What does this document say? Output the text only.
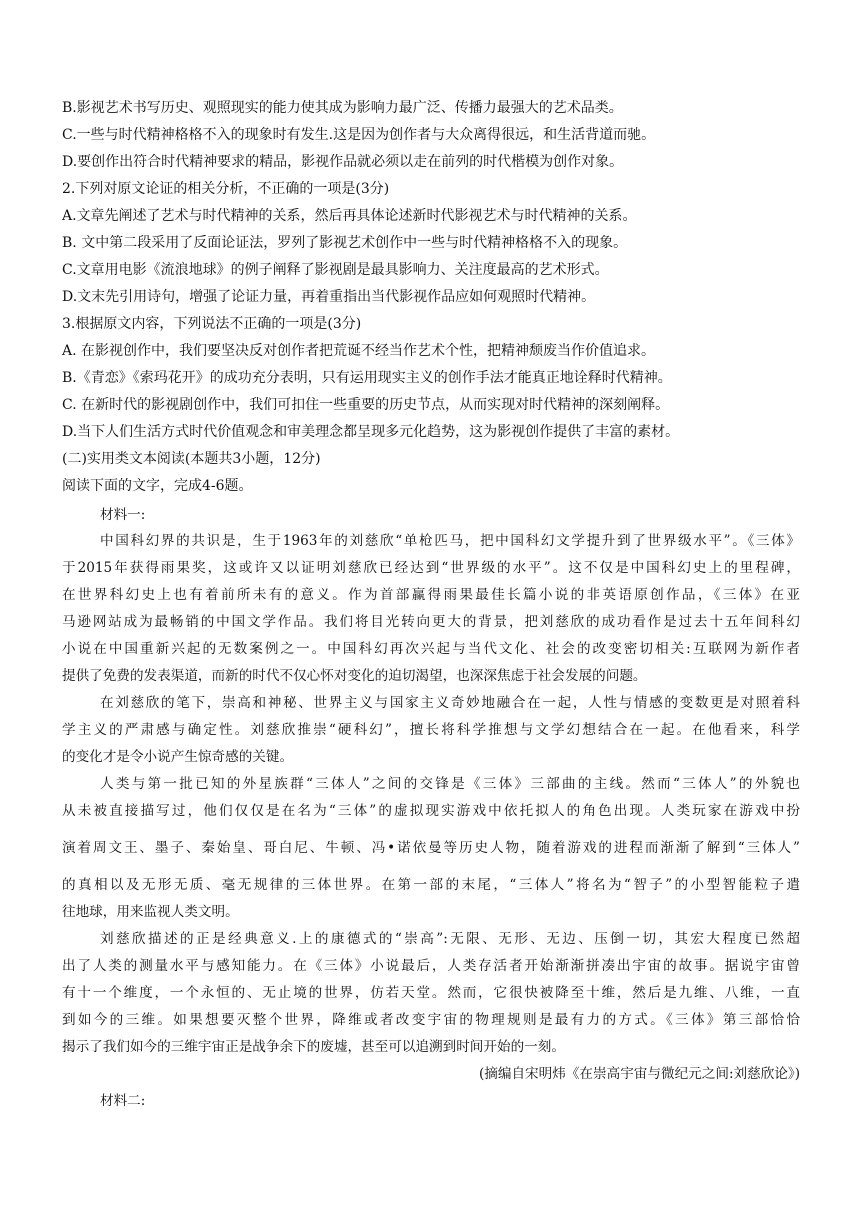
B.影视艺术书写历史、观照现实的能力使其成为影响力最广泛、传播力最强大的艺术品类。
C.一些与时代精神格格不入的现象时有发生.这是因为创作者与大众离得很远，和生活背道而驰。
D.要创作出符合时代精神要求的精品，影视作品就必须以走在前列的时代楷模为创作对象。
2.下列对原文论证的相关分析，不正确的一项是(3分)
A.文章先阐述了艺术与时代精神的关系，然后再具体论述新时代影视艺术与时代精神的关系。
B. 文中第二段采用了反面论证法，罗列了影视艺术创作中一些与时代精神格格不入的现象。
C.文章用电影《流浪地球》的例子阐释了影视剧是最具影响力、关注度最高的艺术形式。
D.文末先引用诗句，增强了论证力量，再着重指出当代影视作品应如何观照时代精神。
3.根据原文内容，下列说法不正确的一项是(3分)
A. 在影视创作中，我们要坚决反对创作者把荒诞不经当作艺术个性，把精神颓废当作价值追求。
B.《青恋》《索玛花开》的成功充分表明，只有运用现实主义的创作手法才能真正地诠释时代精神。
C. 在新时代的影视剧创作中，我们可扣住一些重要的历史节点，从而实现对时代精神的深刻阐释。
D.当下人们生活方式时代价值观念和审美理念都呈现多元化趋势，这为影视创作提供了丰富的素材。
(二)实用类文本阅读(本题共3小题，12分)
阅读下面的文字，完成4-6题。
材料一:
中国科幻界的共识是，生于1963年的刘慈欣“单枪匹马，把中国科幻文学提升到了世界级水平”。《三体》
于2015年获得雨果奖，这或许又以证明刘慈欣已经达到“世界级的水平”。这不仅是中国科幻史上的里程碑，
在世界科幻史上也有着前所未有的意义。作为首部赢得雨果最佳长篇小说的非英语原创作品，《三体》在亚
马逊网站成为最畅销的中国文学作品。我们将目光转向更大的背景，把刘慈欣的成功看作是过去十五年间科幻
小说在中国重新兴起的无数案例之一。中国科幻再次兴起与当代文化、社会的改变密切相关:互联网为新作者
提供了免费的发表渠道，而新的时代不仅心怀对变化的迫切渴望，也深深焦虑于社会发展的问题。
在刘慈欣的笔下，崇高和神秘、世界主义与国家主义奇妙地融合在一起，人性与情感的变数更是对照着科
学主义的严肃感与确定性。刘慈欣推崇“硬科幻”，擅长将科学推想与文学幻想结合在一起。在他看来，科学
的变化才是令小说产生惊奇感的关键。
人类与第一批已知的外星族群“三体人”之间的交锋是《三体》三部曲的主线。然而“三体人”的外貌也
从未被直接描写过，他们仅仅是在名为“三体”的虚拟现实游戏中依托拟人的角色出现。人类玩家在游戏中扮
演着周文王、墨子、秦始皇、哥白尼、牛顿、冯•诺依曼等历史人物，随着游戏的进程而渐渐了解到“三体人”
的真相以及无形无质、毫无规律的三体世界。在第一部的末尾，“三体人”将名为“智子”的小型智能粒子遣
往地球，用来监视人类文明。
刘慈欣描述的正是经典意义.上的康德式的“崇高”:无限、无形、无边、压倒一切，其宏大程度已然超
出了人类的测量水平与感知能力。在《三体》小说最后，人类存活者开始渐渐拼凑出宇宙的故事。据说宇宙曾
有十一个维度，一个永恒的、无止境的世界，仿若天堂。然而，它很快被降至十维，然后是九维、八维，一直
到如今的三维。如果想要灭整个世界，降维或者改变宇宙的物理规则是最有力的方式。《三体》第三部恰恰
揭示了我们如今的三维宇宙正是战争余下的废墟，甚至可以追溯到时间开始的一刻。
(摘编自宋明炜《在崇高宇宙与微纪元之间:刘慈欣论》)
材料二:
